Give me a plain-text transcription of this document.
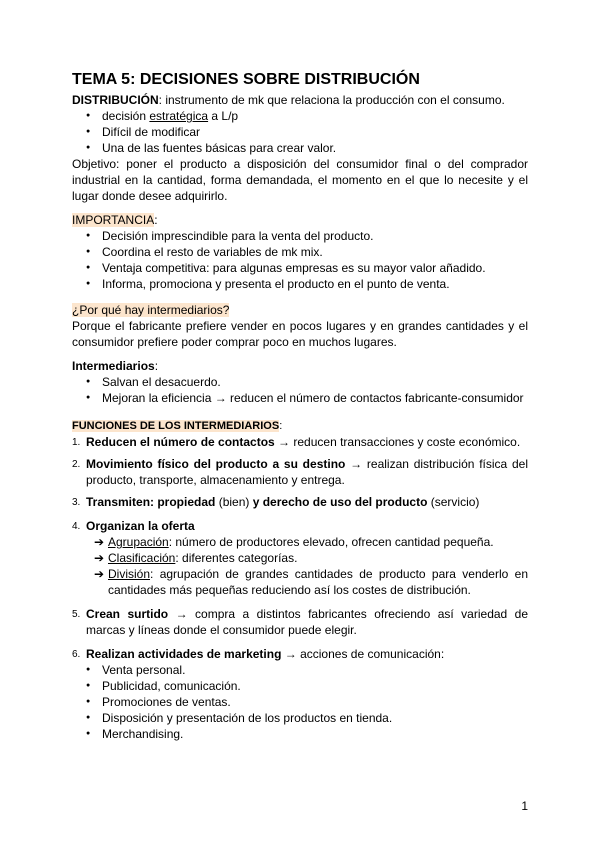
TEMA 5: DECISIONES SOBRE DISTRIBUCIÓN

DISTRIBUCIÓN: instrumento de mk que relaciona la producción con el consumo.

● decisión estratégica a L/p
● Difícil de modificar
● Una de las fuentes básicas para crear valor.

Objetivo: poner el producto a disposición del consumidor final o del comprador industrial en la cantidad, forma demandada, el momento en el que lo necesite y el lugar donde desee adquirirlo.

IMPORTANCIA:

● Decisión imprescindible para la venta del producto.
● Coordina el resto de variables de mk mix.
● Ventaja competitiva: para algunas empresas es su mayor valor añadido.
● Informa, promociona y presenta el producto en el punto de venta.

¿Por qué hay intermediarios?

Porque el fabricante prefiere vender en pocos lugares y en grandes cantidades y el consumidor prefiere poder comprar poco en muchos lugares.

Intermediarios:

● Salvan el desacuerdo.
● Mejoran la eficiencia → reducen el número de contactos fabricante-consumidor

FUNCIONES DE LOS INTERMEDIARIOS:

1. Reducen el número de contactos → reducen transacciones y coste económico.
2. Movimiento físico del producto a su destino → realizan distribución física del producto, transporte, almacenamiento y entrega.
3. Transmiten: propiedad (bien) y derecho de uso del producto (servicio)
4. Organizan la oferta
➔ Agrupación: número de productores elevado, ofrecen cantidad pequeña.
➔ Clasificación: diferentes categorías.
➔ División: agrupación de grandes cantidades de producto para venderlo en cantidades más pequeñas reduciendo así los costes de distribución.
5. Crean surtido → compra a distintos fabricantes ofreciendo así variedad de marcas y líneas donde el consumidor puede elegir.
6. Realizan actividades de marketing → acciones de comunicación:
● Venta personal.
● Publicidad, comunicación.
● Promociones de ventas.
● Disposición y presentación de los productos en tienda.
● Merchandising.
1
